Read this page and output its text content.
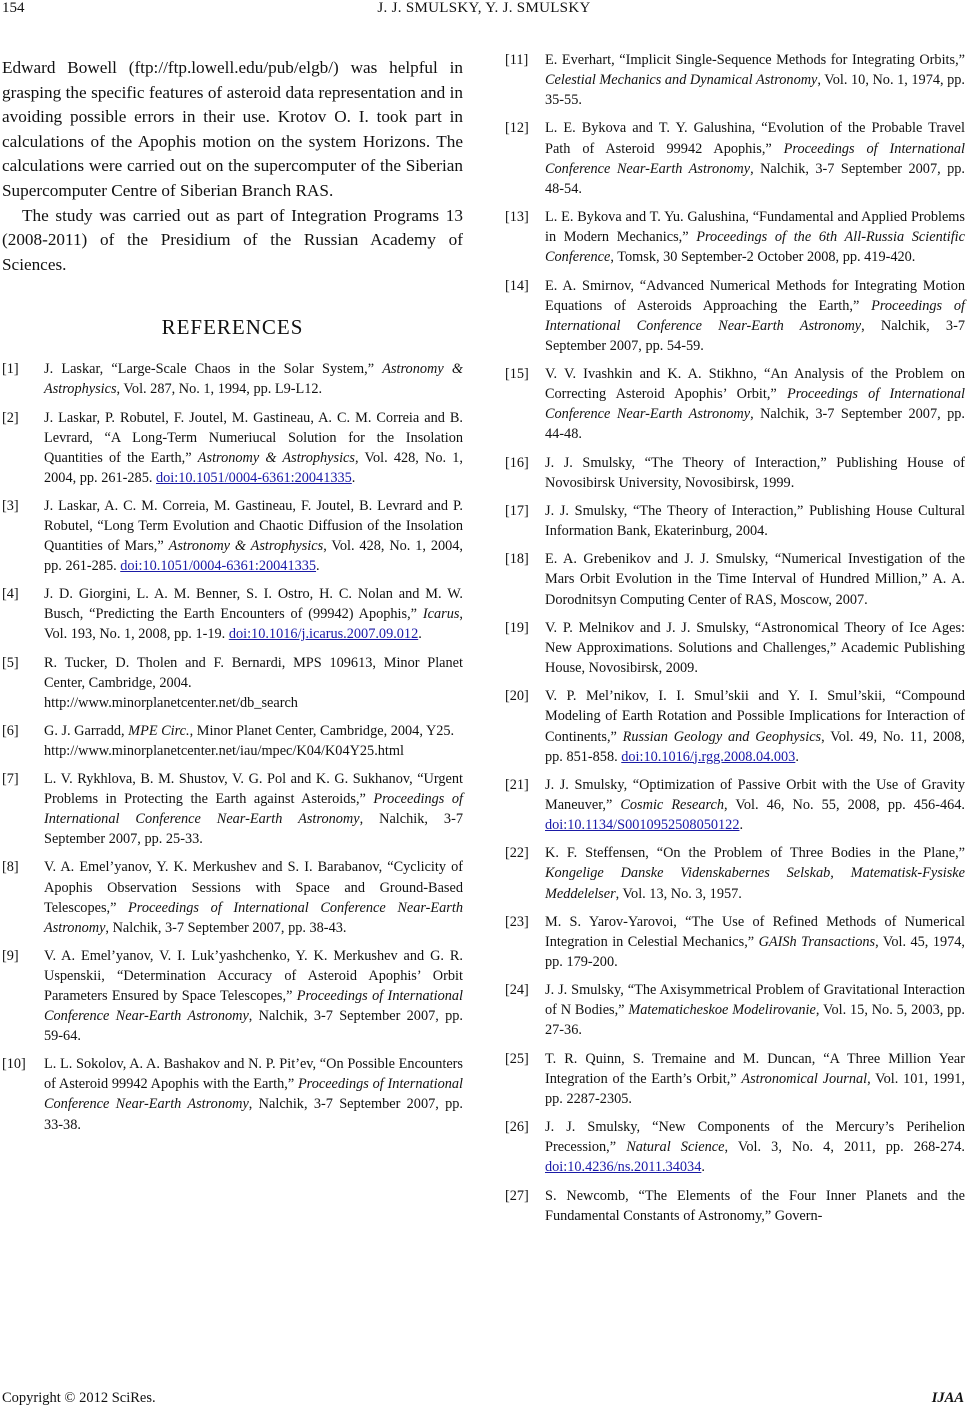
154	J. J. SMULSKY, Y. J. SMULSKY

Edward Bowell (ftp://ftp.lowell.edu/pub/elgb/) was helpful in grasping the specific features of asteroid data representation and in avoiding possible errors in their use. Krotov O. I. took part in calculations of the Apophis motion on the system Horizons. The calculations were carried out on the supercomputer of the Siberian Supercomputer Centre of Siberian Branch RAS.

The study was carried out as part of Integration Programs 13 (2008-2011) of the Presidium of the Russian Academy of Sciences.

REFERENCES
[1] J. Laskar, “Large-Scale Chaos in the Solar System,” Astronomy & Astrophysics, Vol. 287, No. 1, 1994, pp. L9-L12.
[2] J. Laskar, P. Robutel, F. Joutel, M. Gastineau, A. C. M. Correia and B. Levrard, “A Long-Term Numeriucal Solution for the Insolation Quantities of the Earth,” Astronomy & Astrophysics, Vol. 428, No. 1, 2004, pp. 261-285. doi:10.1051/0004-6361:20041335.
[3] J. Laskar, A. C. M. Correia, M. Gastineau, F. Joutel, B. Levrard and P. Robutel, “Long Term Evolution and Chaotic Diffusion of the Insolation Quantities of Mars,” Astronomy & Astrophysics, Vol. 428, No. 1, 2004, pp. 261-285. doi:10.1051/0004-6361:20041335.
[4] J. D. Giorgini, L. A. M. Benner, S. I. Ostro, H. C. Nolan and M. W. Busch, “Predicting the Earth Encounters of (99942) Apophis,” Icarus, Vol. 193, No. 1, 2008, pp. 1-19. doi:10.1016/j.icarus.2007.09.012.
[5] R. Tucker, D. Tholen and F. Bernardi, MPS 109613, Minor Planet Center, Cambridge, 2004.
http://www.minorplanetcenter.net/db_search
[6] G. J. Garradd, MPE Circ., Minor Planet Center, Cambridge, 2004, Y25.
http://www.minorplanetcenter.net/iau/mpec/K04/K04Y25.html
[7] L. V. Rykhlova, B. M. Shustov, V. G. Pol and K. G. Sukhanov, “Urgent Problems in Protecting the Earth against Asteroids,” Proceedings of International Conference Near-Earth Astronomy, Nalchik, 3-7 September 2007, pp. 25-33.
[8] V. A. Emel’yanov, Y. K. Merkushev and S. I. Barabanov, “Cyclicity of Apophis Observation Sessions with Space and Ground-Based Telescopes,” Proceedings of International Conference Near-Earth Astronomy, Nalchik, 3-7 September 2007, pp. 38-43.
[9] V. A. Emel’yanov, V. I. Luk’yashchenko, Y. K. Merkushev and G. R. Uspenskii, “Determination Accuracy of Asteroid Apophis’ Orbit Parameters Ensured by Space Telescopes,” Proceedings of International Conference Near-Earth Astronomy, Nalchik, 3-7 September 2007, pp. 59-64.
[10] L. L. Sokolov, A. A. Bashakov and N. P. Pit’ev, “On Possible Encounters of Asteroid 99942 Apophis with the Earth,” Proceedings of International Conference Near-Earth Astronomy, Nalchik, 3-7 September 2007, pp. 33-38.
[11] E. Everhart, “Implicit Single-Sequence Methods for Integrating Orbits,” Celestial Mechanics and Dynamical Astronomy, Vol. 10, No. 1, 1974, pp. 35-55.
[12] L. E. Bykova and T. Y. Galushina, “Evolution of the Probable Travel Path of Asteroid 99942 Apophis,” Proceedings of International Conference Near-Earth Astronomy, Nalchik, 3-7 September 2007, pp. 48-54.
[13] L. E. Bykova and T. Yu. Galushina, “Fundamental and Applied Problems in Modern Mechanics,” Proceedings of the 6th All-Russia Scientific Conference, Tomsk, 30 September-2 October 2008, pp. 419-420.
[14] E. A. Smirnov, “Advanced Numerical Methods for Integrating Motion Equations of Asteroids Approaching the Earth,” Proceedings of International Conference Near-Earth Astronomy, Nalchik, 3-7 September 2007, pp. 54-59.
[15] V. V. Ivashkin and K. A. Stikhno, “An Analysis of the Problem on Correcting Asteroid Apophis’ Orbit,” Proceedings of International Conference Near-Earth Astronomy, Nalchik, 3-7 September 2007, pp. 44-48.
[16] J. J. Smulsky, “The Theory of Interaction,” Publishing House of Novosibirsk University, Novosibirsk, 1999.
[17] J. J. Smulsky, “The Theory of Interaction,” Publishing House Cultural Information Bank, Ekaterinburg, 2004.
[18] E. A. Grebenikov and J. J. Smulsky, “Numerical Investigation of the Mars Orbit Evolution in the Time Interval of Hundred Million,” A. A. Dorodnitsyn Computing Center of RAS, Moscow, 2007.
[19] V. P. Melnikov and J. J. Smulsky, “Astronomical Theory of Ice Ages: New Approximations. Solutions and Challenges,” Academic Publishing House, Novosibirsk, 2009.
[20] V. P. Mel’nikov, I. I. Smul’skii and Y. I. Smul’skii, “Compound Modeling of Earth Rotation and Possible Implications for Interaction of Continents,” Russian Geology and Geophysics, Vol. 49, No. 11, 2008, pp. 851-858. doi:10.1016/j.rgg.2008.04.003.
[21] J. J. Smulsky, “Optimization of Passive Orbit with the Use of Gravity Maneuver,” Cosmic Research, Vol. 46, No. 55, 2008, pp. 456-464. doi:10.1134/S0010952508050122.
[22] K. F. Steffensen, “On the Problem of Three Bodies in the Plane,” Kongelige Danske Videnskabernes Selskab, Matematisk-Fysiske Meddelelser, Vol. 13, No. 3, 1957.
[23] M. S. Yarov-Yarovoi, “The Use of Refined Methods of Numerical Integration in Celestial Mechanics,” GAISh Transactions, Vol. 45, 1974, pp. 179-200.
[24] J. J. Smulsky, “The Axisymmetrical Problem of Gravitational Interaction of N Bodies,” Matematicheskoe Modelirovanie, Vol. 15, No. 5, 2003, pp. 27-36.
[25] T. R. Quinn, S. Tremaine and M. Duncan, “A Three Million Year Integration of the Earth’s Orbit,” Astronomical Journal, Vol. 101, 1991, pp. 2287-2305.
[26] J. J. Smulsky, “New Components of the Mercury’s Perihelion Precession,” Natural Science, Vol. 3, No. 4, 2011, pp. 268-274. doi:10.4236/ns.2011.34034.
[27] S. Newcomb, “The Elements of the Four Inner Planets and the Fundamental Constants of Astronomy,” Govern-
Copyright © 2012 SciRes.	IJAA
